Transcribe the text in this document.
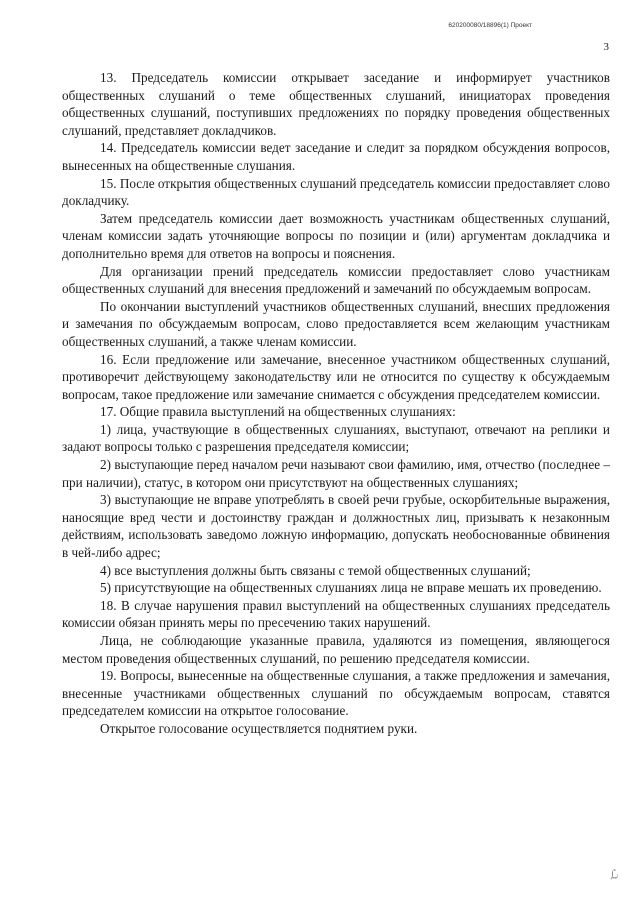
620200080/18896(1) Проект
3

13. Председатель комиссии открывает заседание и информирует участников общественных слушаний о теме общественных слушаний, инициаторах проведения общественных слушаний, поступивших предложениях по порядку проведения общественных слушаний, представляет докладчиков.

14. Председатель комиссии ведет заседание и следит за порядком обсуждения вопросов, вынесенных на общественные слушания.

15. После открытия общественных слушаний председатель комиссии предоставляет слово докладчику.

Затем председатель комиссии дает возможность участникам общественных слушаний, членам комиссии задать уточняющие вопросы по позиции и (или) аргументам докладчика и дополнительно время для ответов на вопросы и пояснения.

Для организации прений председатель комиссии предоставляет слово участникам общественных слушаний для внесения предложений и замечаний по обсуждаемым вопросам.

По окончании выступлений участников общественных слушаний, внесших предложения и замечания по обсуждаемым вопросам, слово предоставляется всем желающим участникам общественных слушаний, а также членам комиссии.

16. Если предложение или замечание, внесенное участником общественных слушаний, противоречит действующему законодательству или не относится по существу к обсуждаемым вопросам, такое предложение или замечание снимается с обсуждения председателем комиссии.

17. Общие правила выступлений на общественных слушаниях:

1) лица, участвующие в общественных слушаниях, выступают, отвечают на реплики и задают вопросы только с разрешения председателя комиссии;

2) выступающие перед началом речи называют свои фамилию, имя, отчество (последнее – при наличии), статус, в котором они присутствуют на общественных слушаниях;

3) выступающие не вправе употреблять в своей речи грубые, оскорбительные выражения, наносящие вред чести и достоинству граждан и должностных лиц, призывать к незаконным действиям, использовать заведомо ложную информацию, допускать необоснованные обвинения в чей-либо адрес;

4) все выступления должны быть связаны с темой общественных слушаний;

5) присутствующие на общественных слушаниях лица не вправе мешать их проведению.

18. В случае нарушения правил выступлений на общественных слушаниях председатель комиссии обязан принять меры по пресечению таких нарушений.

Лица, не соблюдающие указанные правила, удаляются из помещения, являющегося местом проведения общественных слушаний, по решению председателя комиссии.

19. Вопросы, вынесенные на общественные слушания, а также предложения и замечания, внесенные участниками общественных слушаний по обсуждаемым вопросам, ставятся председателем комиссии на открытое голосование.

Открытое голосование осуществляется поднятием руки.

ℒ
